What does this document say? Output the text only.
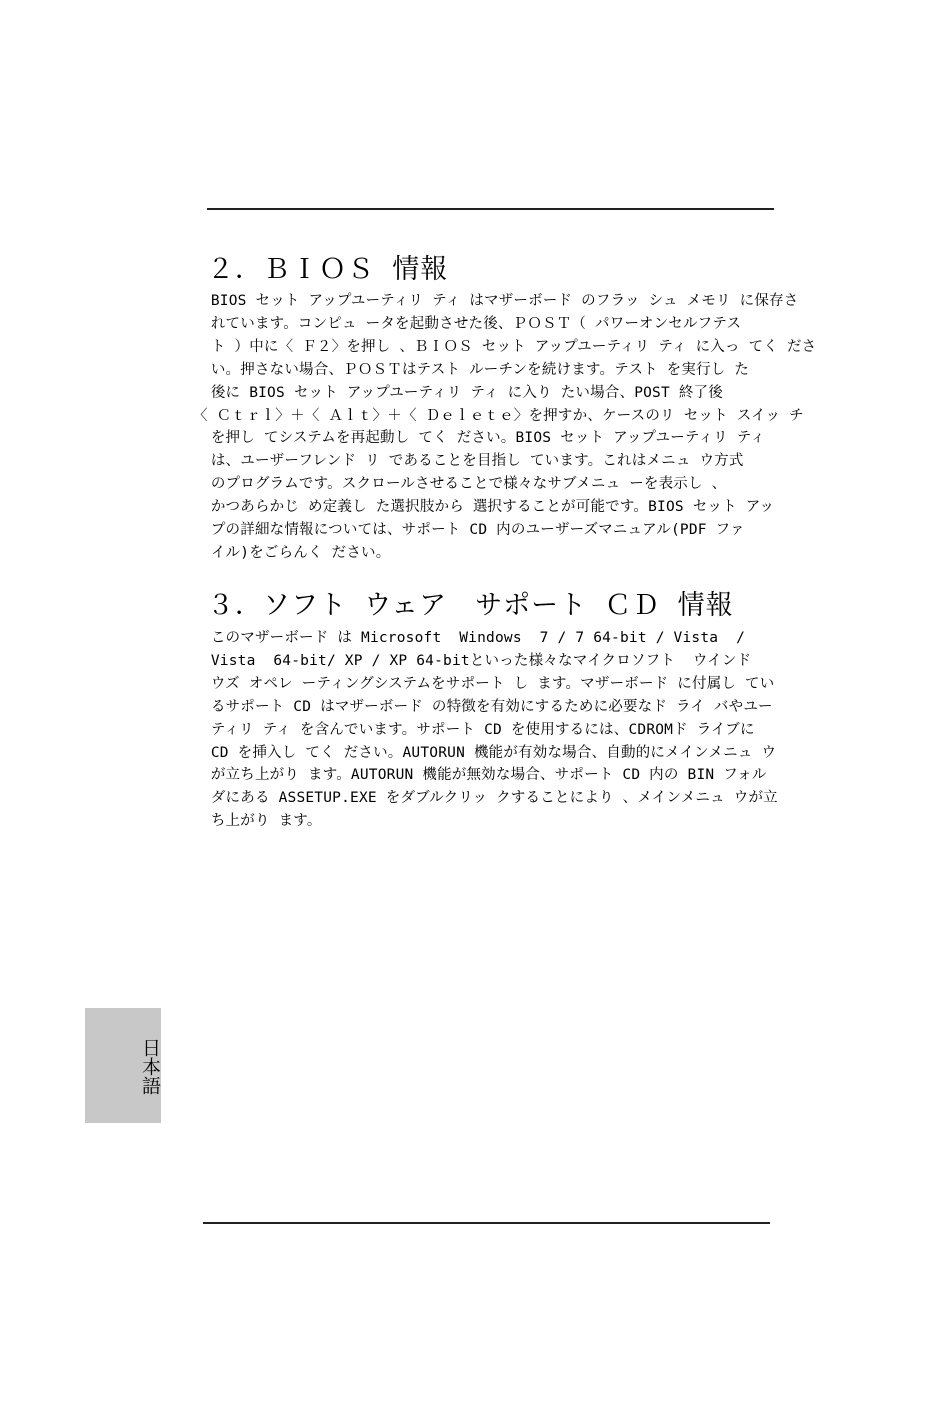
２．ＢＩＯＳ 情報

BIOS セット アップユーティリ ティ はマザーボード のフラッ シュ メモリ に保存さ
れています。コンピュ ータを起動させた後、ＰＯＳＴ（ パワーオンセルフテス
ト ）中に〈 Ｆ２〉を押し 、ＢＩＯＳ セット アップユーティリ ティ に入っ てく ださ
い。押さない場合、ＰＯＳＴはテスト ルーチンを続けます。テスト を実行し た
後に BIOS セット アップユーティリ ティ に入り たい場合、POST 終了後
〈 Ｃｔｒｌ〉＋〈 Ａｌｔ〉＋〈 Ｄｅｌｅｔｅ〉を押すか、ケースのリ セット スイッ チ
を押し てシステムを再起動し てく ださい。BIOS セット アップユーティリ ティ
は、ユーザーフレンド リ であることを目指し ています。これはメニュ ウ方式
のプログラムです。スクロールさせることで様々なサブメニュ ーを表示し 、
かつあらかじ め定義し た選択肢から 選択することが可能です。BIOS セット アッ
プの詳細な情報については、サポート CD 内のユーザーズマニュアル(PDF ファ
イル)をごらんく ださい。

３．ソフト ウェア　サポート ＣＤ 情報

このマザーボード は Microsoft  Windows  7 / 7 64-bit / Vista  /
Vista  64-bit/ XP / XP 64-bitといった様々なマイクロソフト  ウインド
ウズ オペレ ーティングシステムをサポート し ます。マザーボード に付属し てい
るサポート CD はマザーボード の特徴を有効にするために必要なド ライ バやユー
ティリ ティ を含んでいます。サポート CD を使用するには、CDROMド ライブに
CD を挿入し てく ださい。AUTORUN 機能が有効な場合、自動的にメインメニュ ウ
が立ち上がり ます。AUTORUN 機能が無効な場合、サポート CD 内の BIN フォル
ダにある ASSETUP.EXE をダブルクリッ クすることにより 、メインメニュ ウが立
ち上がり ます。

日本語
